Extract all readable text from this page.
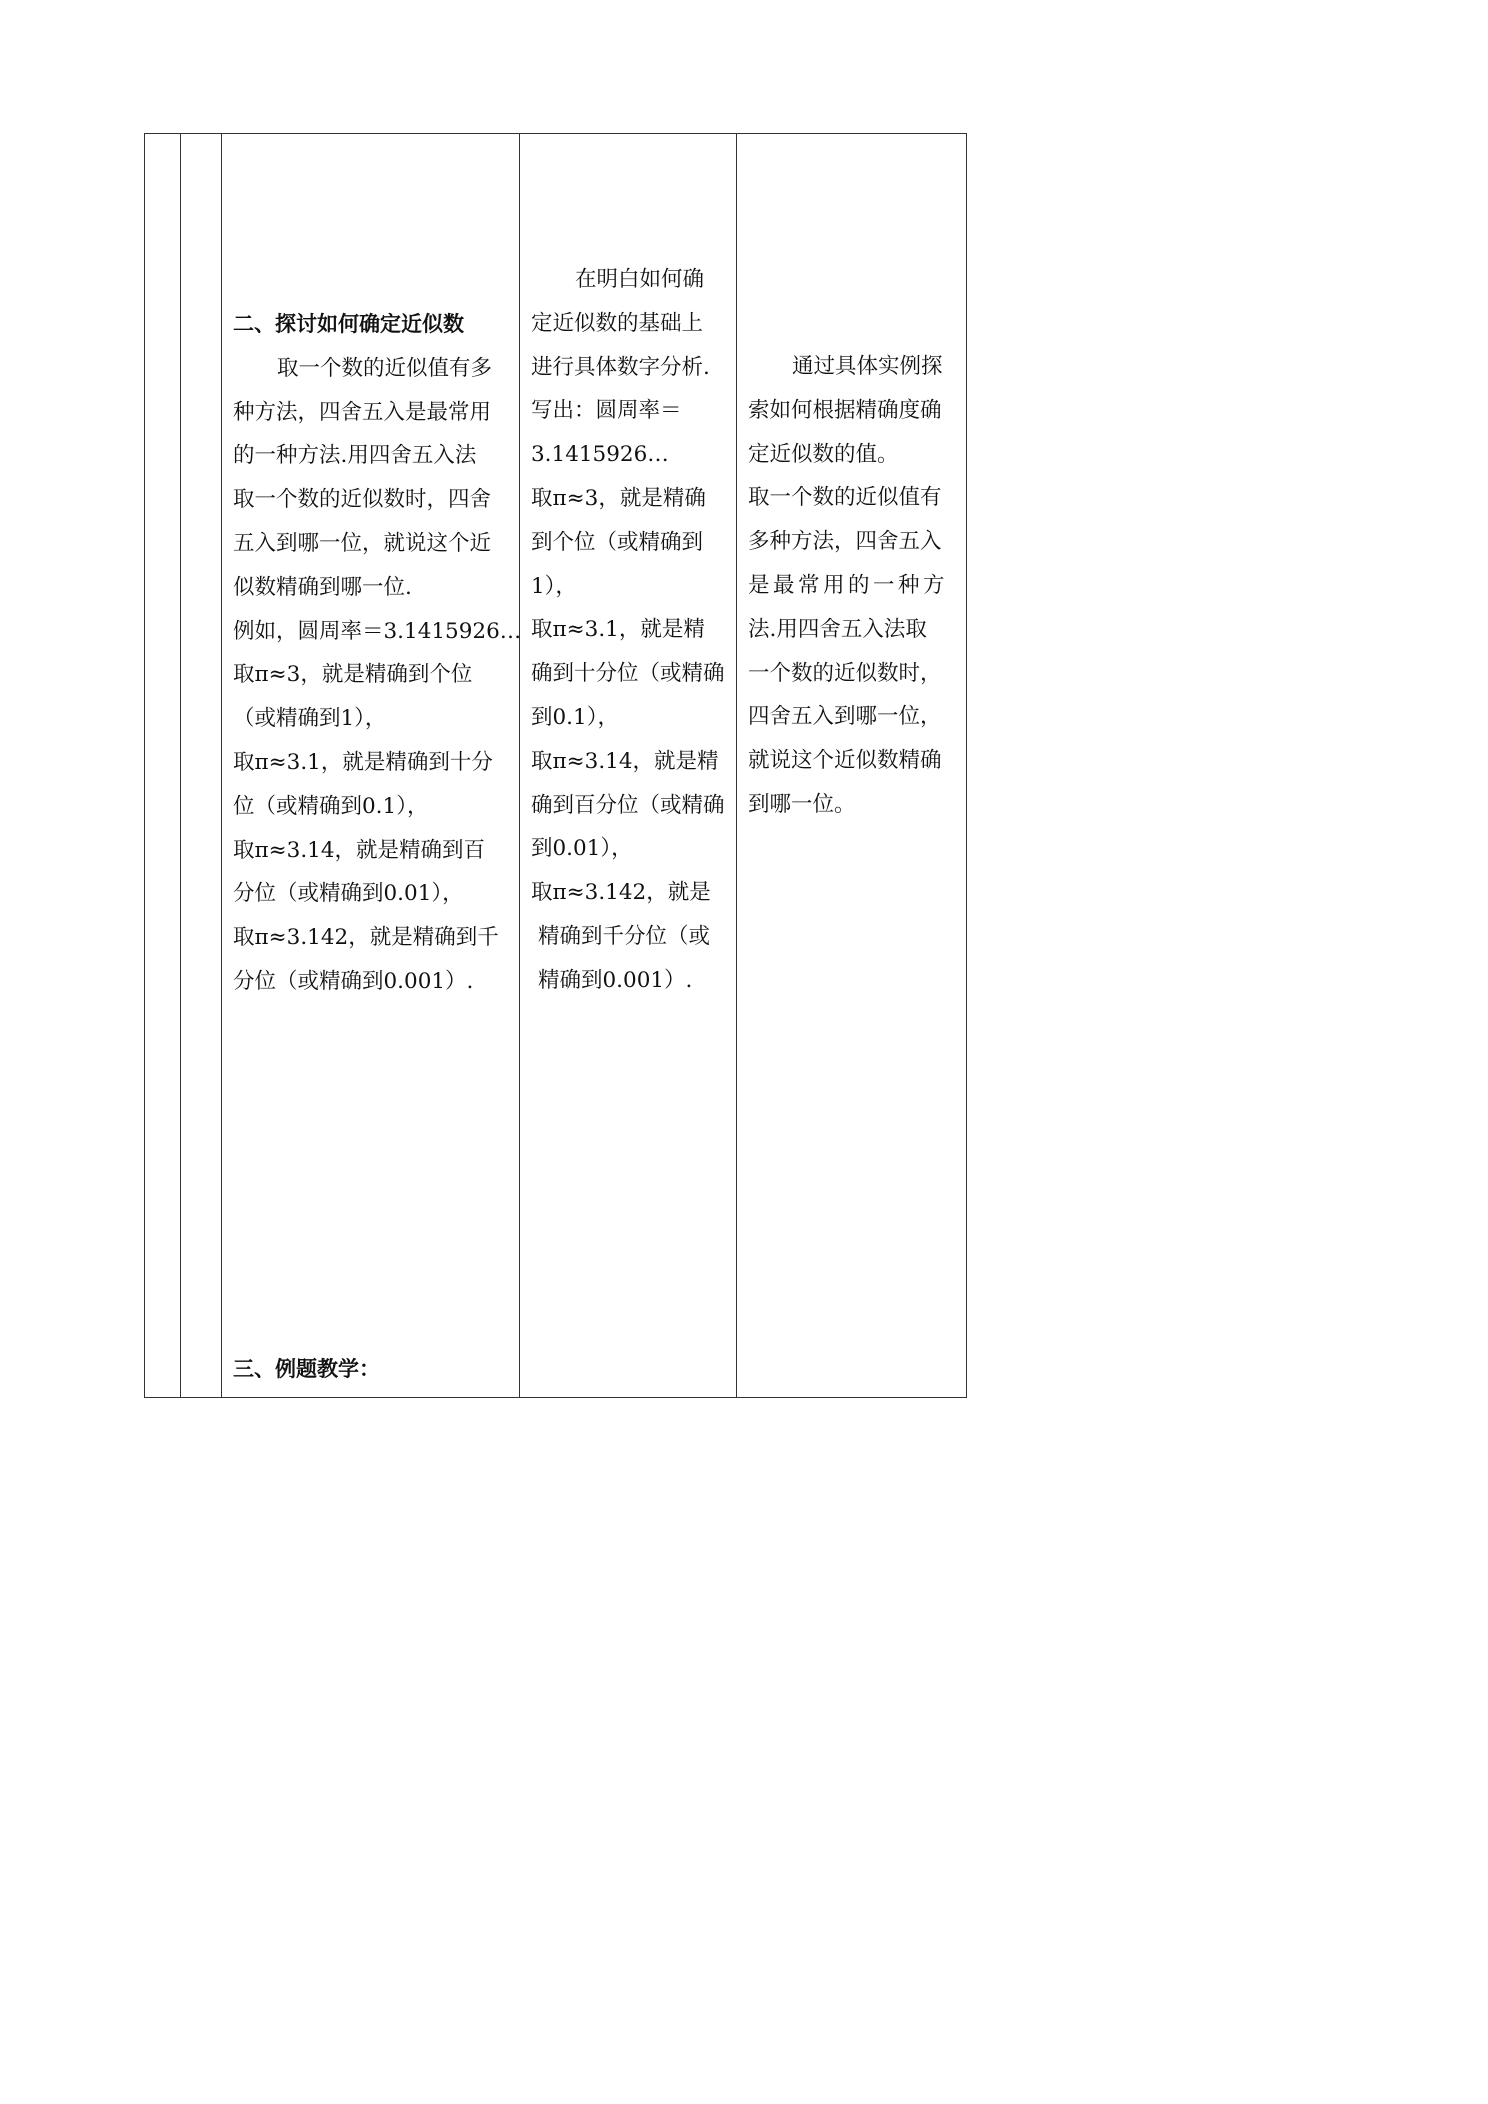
二、探讨如何确定近似数

取一个数的近似值有多

种方法，四舍五入是最常用

的一种方法.用四舍五入法

取一个数的近似数时，四舍

五入到哪一位，就说这个近

似数精确到哪一位.

例如，圆周率＝3.1415926…

取π≈3，就是精确到个位

（或精确到1），

取π≈3.1，就是精确到十分

位（或精确到0.1），

取π≈3.14，就是精确到百

分位（或精确到0.01），

取π≈3.142，就是精确到千

分位（或精确到0.001）.

三、例题教学：

在明白如何确

定近似数的基础上

进行具体数字分析.

写出：圆周率＝

3.1415926…

取π≈3，就是精确

到个位（或精确到

1），

取π≈3.1，就是精

确到十分位（或精确

到0.1），

取π≈3.14，就是精

确到百分位（或精确

到0.01），

取π≈3.142，就是

精确到千分位（或

精确到0.001）.

通过具体实例探

索如何根据精确度确

定近似数的值。

取一个数的近似值有

多种方法，四舍五入

是最常用的一种方

法.用四舍五入法取

一个数的近似数时，

四舍五入到哪一位，

就说这个近似数精确

到哪一位。
